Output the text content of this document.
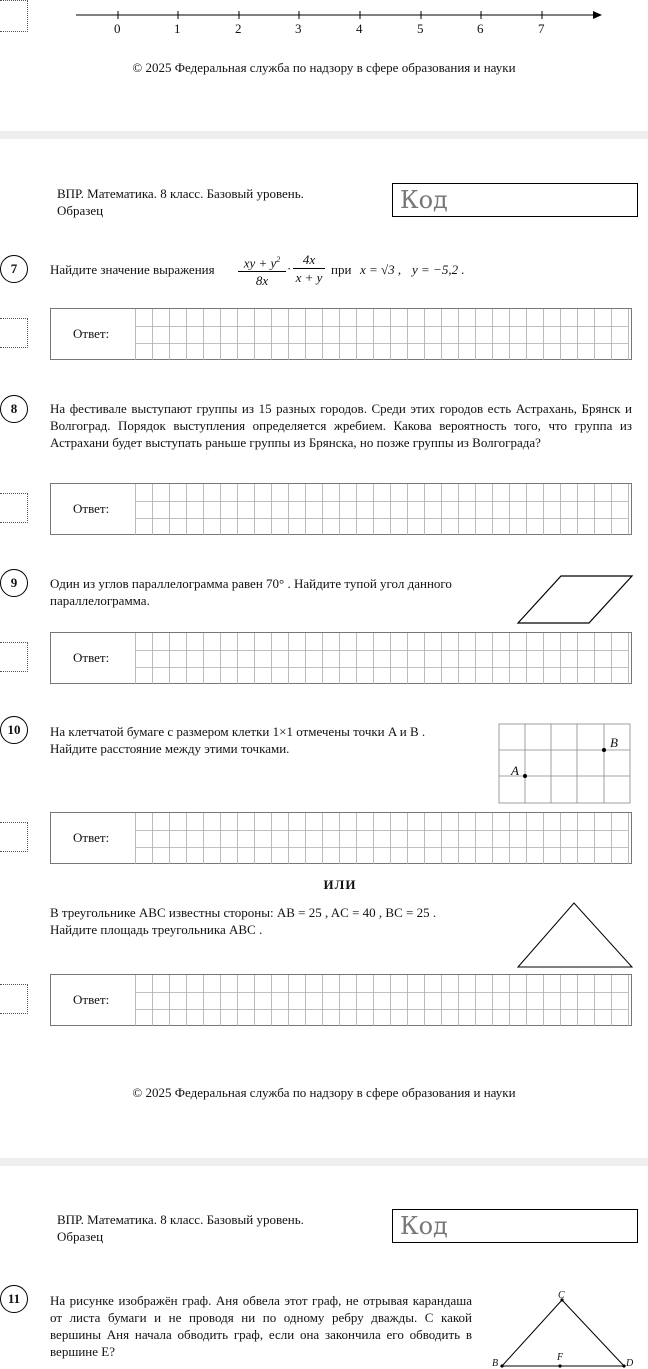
0	1	2	3	4	5	6	7
© 2025 Федеральная служба по надзору в сфере образования и науки
ВПР. Математика. 8 класс. Базовый уровень.
Образец	Код
7	Найдите значение выражения	xy + $y^2$
8x
· $\frac{4x}{x + y}$ при x = √3 , y = −5,2 .
Ответ:
8	На фестивале выступают группы из 15 разных городов. Среди этих городов есть Астрахань, Брянск и Волгоград. Порядок выступления определяется жребием. Какова вероятность того, что группа из Астрахани будет выступать раньше группы из Брянска, но позже группы из Волгограда?
Ответ:
9	Один из углов параллелограмма равен 70° . Найдите тупой угол данного параллелограмма.
Ответ:
10	На клетчатой бумаге с размером клетки 1×1 отмечены точки A и B .
Найдите расстояние между этими точками.
A
B
Ответ:
ИЛИ
В треугольнике ABC известны стороны: AB = 25 , AC = 40 , BC = 25 .
Найдите площадь треугольника ABC .
Ответ:
© 2025 Федеральная служба по надзору в сфере образования и науки
ВПР. Математика. 8 класс. Базовый уровень.
Образец	Код
11	На рисунке изображён граф. Аня обвела этот граф, не отрывая карандаша от листа бумаги и не проводя ни по одному ребру дважды. С какой вершины Аня начала обводить граф, если она закончила его обводить в вершине E?
C
B
F
D
